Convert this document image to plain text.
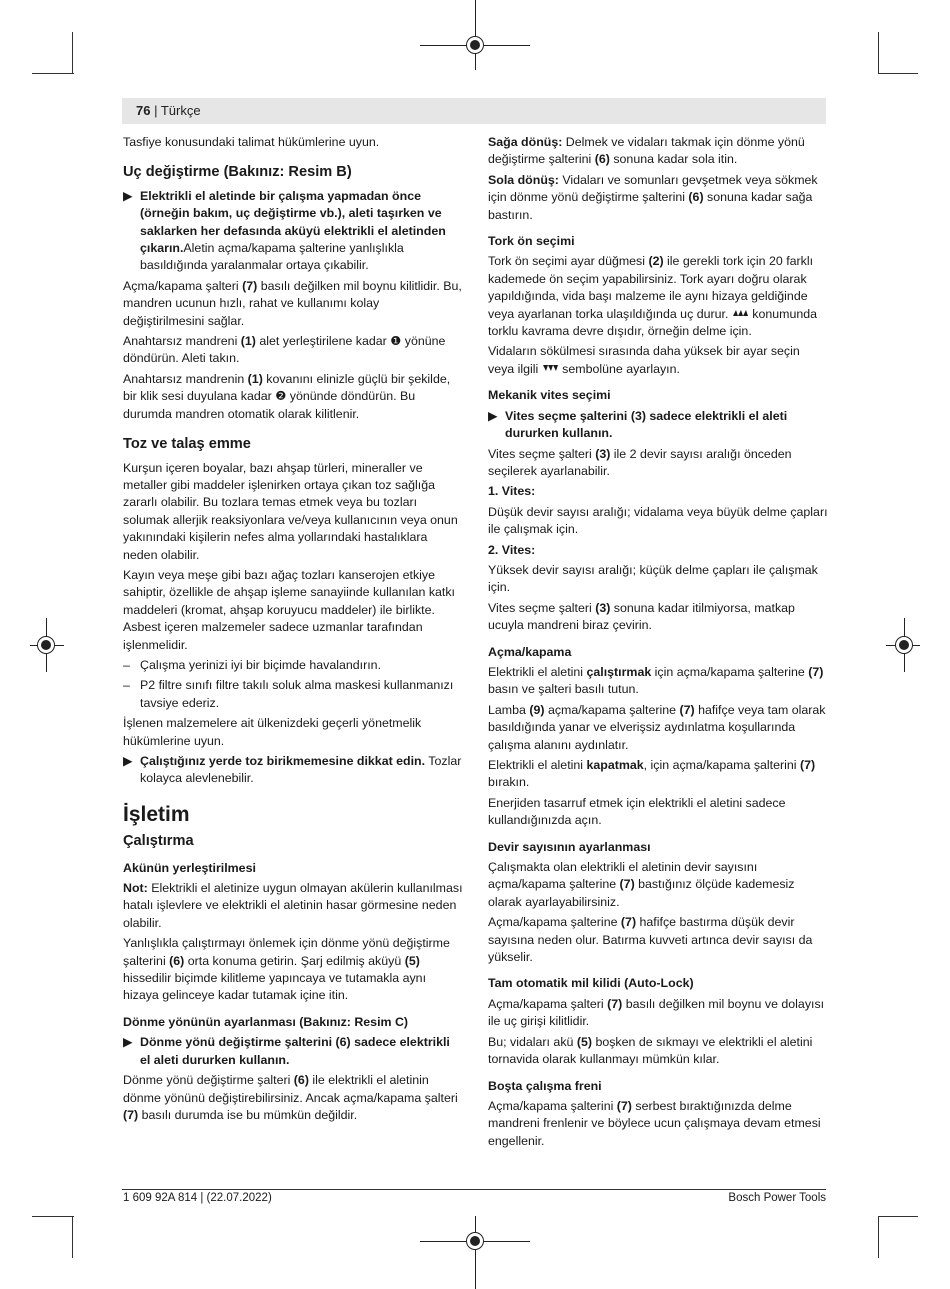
76 | Türkçe

Tasfiye konusundaki talimat hükümlerine uyun.

Uç değiştirme (Bakınız: Resim B)

▶ Elektrikli el aletinde bir çalışma yapmadan önce (örneğin bakım, uç değiştirme vb.), aleti taşırken ve saklarken her defasında aküyü elektrikli el aletinden çıkarın.Aletin açma/kapama şalterine yanlışlıkla basıldığında yaralanmalar ortaya çıkabilir.

Açma/kapama şalteri (7) basılı değilken mil boynu kilitlidir. Bu, mandren ucunun hızlı, rahat ve kullanımı kolay değiştirilmesini sağlar.

Anahtarsız mandreni (1) alet yerleştirilene kadar ❶ yönüne döndürün. Aleti takın.

Anahtarsız mandrenin (1) kovanını elinizle güçlü bir şekilde, bir klik sesi duyulana kadar ❷ yönünde döndürün. Bu durumda mandren otomatik olarak kilitlenir.

Toz ve talaş emme

Kurşun içeren boyalar, bazı ahşap türleri, mineraller ve metaller gibi maddeler işlenirken ortaya çıkan toz sağlığa zararlı olabilir. Bu tozlara temas etmek veya bu tozları solumak allerjik reaksiyonlara ve/veya kullanıcının veya onun yakınındaki kişilerin nefes alma yollarındaki hastalıklara neden olabilir.

Kayın veya meşe gibi bazı ağaç tozları kanserojen etkiye sahiptir, özellikle de ahşap işleme sanayiinde kullanılan katkı maddeleri (kromat, ahşap koruyucu maddeler) ile birlikte. Asbest içeren malzemeler sadece uzmanlar tarafından işlenmelidir.

– Çalışma yerinizi iyi bir biçimde havalandırın.

– P2 filtre sınıfı filtre takılı soluk alma maskesi kullanmanızı tavsiye ederiz.

İşlenen malzemelere ait ülkenizdeki geçerli yönetmelik hükümlerine uyun.

▶ Çalıştığınız yerde toz birikmemesine dikkat edin. Tozlar kolayca alevlenebilir.

İşletim
Çalıştırma
Akünün yerleştirilmesi

Not: Elektrikli el aletinize uygun olmayan akülerin kullanılması hatalı işlevlere ve elektrikli el aletinin hasar görmesine neden olabilir.

Yanlışlıkla çalıştırmayı önlemek için dönme yönü değiştirme şalterini (6) orta konuma getirin. Şarj edilmiş aküyü (5) hissedilir biçimde kilitleme yapıncaya ve tutamakla aynı hizaya gelinceye kadar tutamak içine itin.

Dönme yönünün ayarlanması (Bakınız: Resim C)

▶ Dönme yönü değiştirme şalterini (6) sadece elektrikli el aleti dururken kullanın.

Dönme yönü değiştirme şalteri (6) ile elektrikli el aletinin dönme yönünü değiştirebilirsiniz. Ancak açma/kapama şalteri (7) basılı durumda ise bu mümkün değildir.

Sağa dönüş: Delmek ve vidaları takmak için dönme yönü değiştirme şalterini (6) sonuna kadar sola itin.

Sola dönüş: Vidaları ve somunları gevşetmek veya sökmek için dönme yönü değiştirme şalterini (6) sonuna kadar sağa bastırın.

Tork ön seçimi

Tork ön seçimi ayar düğmesi (2) ile gerekli tork için 20 farklı kademede ön seçim yapabilirsiniz. Tork ayarı doğru olarak yapıldığında, vida başı malzeme ile aynı hizaya geldiğinde veya ayarlanan torka ulaşıldığında uç durur.  konumunda torklu kavrama devre dışıdır, örneğin delme için.

Vidaların sökülmesi sırasında daha yüksek bir ayar seçin veya ilgili  sembolüne ayarlayın.

Mekanik vites seçimi

▶ Vites seçme şalterini (3) sadece elektrikli el aleti dururken kullanın.

Vites seçme şalteri (3) ile 2 devir sayısı aralığı önceden seçilerek ayarlanabilir.

1. Vites:

Düşük devir sayısı aralığı; vidalama veya büyük delme çapları ile çalışmak için.

2. Vites:

Yüksek devir sayısı aralığı; küçük delme çapları ile çalışmak için.

Vites seçme şalteri (3) sonuna kadar itilmiyorsa, matkap ucuyla mandreni biraz çevirin.

Açma/kapama

Elektrikli el aletini çalıştırmak için açma/kapama şalterine (7) basın ve şalteri basılı tutun.

Lamba (9) açma/kapama şalterine (7) hafifçe veya tam olarak basıldığında yanar ve elverişsiz aydınlatma koşullarında çalışma alanını aydınlatır.

Elektrikli el aletini kapatmak, için açma/kapama şalterini (7) bırakın.

Enerjiden tasarruf etmek için elektrikli el aletini sadece kullandığınızda açın.

Devir sayısının ayarlanması

Çalışmakta olan elektrikli el aletinin devir sayısını açma/kapama şalterine (7) bastığınız ölçüde kademesiz olarak ayarlayabilirsiniz.

Açma/kapama şalterine (7) hafifçe bastırma düşük devir sayısına neden olur. Batırma kuvveti artınca devir sayısı da yükselir.

Tam otomatik mil kilidi (Auto-Lock)

Açma/kapama şalteri (7) basılı değilken mil boynu ve dolayısı ile uç girişi kilitlidir.

Bu; vidaları akü (5) boşken de sıkmayı ve elektrikli el aletini tornavida olarak kullanmayı mümkün kılar.

Boşta çalışma freni

Açma/kapama şalterini (7) serbest bıraktığınızda delme mandreni frenlenir ve böylece ucun çalışmaya devam etmesi engellenir.

1 609 92A 814 | (22.07.2022)	Bosch Power Tools
